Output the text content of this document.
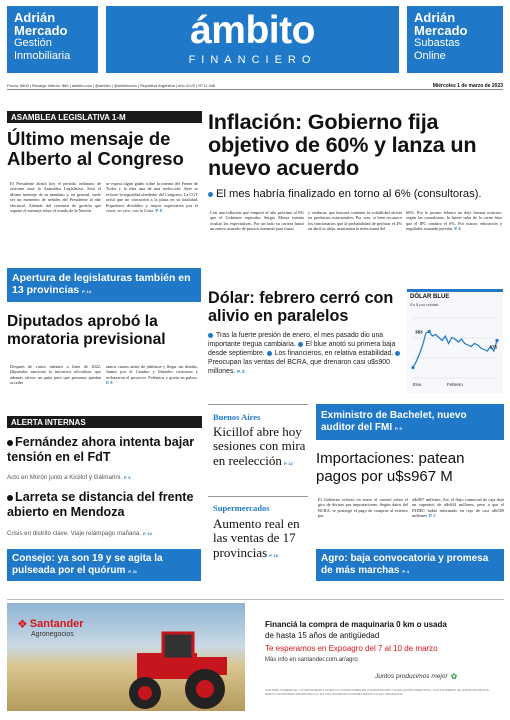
Adrián
Mercado
Gestión
Inmobiliaria
ámbito
FINANCIERO
Adrián
Mercado
Subastas
Online
Precio: $400 | Recargo Interior: $60 | ámbito.com | @ámbito | @ámbitocom | República Argentina | Año XLVII | Nº 11.046	Miércoles 1 de marzo de 2023
ASAMBLEA LEGISLATIVA 1-M
Último mensaje de Alberto al Congreso
El Presidente abrirá hoy el período ordinario de sesiones ante la Asamblea Legislativa. Será el último mensaje de su mandato y, en general, suele ser un momento de señales del Presidente al año electoral. Además del resumen de gestión que supone el mensaje sobre el estado de la Nación
se espera algún guiño sobre la interna del Frente de Todos y la idea una de una reelección. Ayer se reforzó la seguridad alrededor del Congreso. La CGT avisó que no concurrirá a la plaza en su totalidad. Piqueteros divididos y mayor expectativa por el cruce, en vivo, con la Corte. P. 8
Apertura de legislaturas también en 13 provincias P. 14
Diputados aprobó la moratoria previsional
Después de varios intentos a fines de 2022, Diputados sancionó la iniciativa oficialista, que además ofrece un quita para que personas puedan acceder
tantos cuotas antes de jubilarse y llegar sin deudas. Juntos por el Cambio y liberales criticaron y rechazaron el proyecto. Polémica y grieta en pulsos. P. 8
ALERTA INTERNAS
Fernández ahora intenta bajar tensión en el FdT
Acto en Morón junto a Kicillof y Galmarini. P. 9
Larreta se distancia del frente abierto en Mendoza
Crisis en distrito clave. Viaje relámpago mañana. P. 10
Consejo: ya son 19 y se agita la pulseada por el quórum P. 11
Inflación: Gobierno fija objetivo de 60% y lanza un nuevo acuerdo
El mes habría finalizado en torno al 6% (consultoras).
Con una inflación que empezó el año próximo al 6% que el Gobierno esperaba, Sergio Massa intenta ocultar las expectativas. Por un lado su cartera lanzó un nuevo acuerdo de precios mensual para frutas
y verduras, que buscará contener la volatilidad alcista en productos estacionales. Por otro, si bien reconoce los funcionarios que la probabilidad de perforar el 4% en abril se aleja, mantienen la meta anual del
60%. Por lo pronto febrero no dejó buenas noticias: según las consultoras, la fuerte suba de la carne hizo que el IPC rondara el 6%. Por marzo, educación y regulados sumarán presión. P. 6
Dólar: febrero cerró con alivio en paralelos
Tras la fuerte presión de enero, el mes pasado dio una importante tregua cambiaria. El blue anotó su primera baja desde septiembre. Los financieros, en relativa estabilidad. Preocupan las ventas del BCRA, que drenaron casi u$s900 millones. P. 3
DÓLAR BLUE
En $ por unidad
383
375
Ene.	Febrero
Buenos Aires
Kicillof abre hoy sesiones con mira en reelección P. 14
Supermercados
Aumento real en las ventas de 17 provincias P. 15
Exministro de Bachelet, nuevo auditor del FMI P. 5
Importaciones: patean pagos por u$s967 M
El Gobierno reforzó en enero el control sobre el giro de divisas por importaciones. Según datos del BCRA, se postergó el pago de compras al exterior por
u$s967 millones. Así, el flujo comercial de caja dejó un superávit de u$s624 millones, pese a que el INDEC había informado en rojo de casi u$s500 millones. P. 2
Agro: baja convocatoria y promesa de más marchas P. 4
❖ Santander
Agronegocios
Financiá la compra de maquinaria 0 km o usada
de hasta 15 años de antigüedad
Te esperamos en Expoagro del 7 al 10 de marzo
Más info en santander.com.ar/agro
Juntos producimos mejor ✿
CARTERA COMERCIAL: OTORGAMIENTO SUJETO A CONDICIONES DE CONTRATACIÓN Y EVALUACIÓN CREDITICIA. LOS ACUERDOS SE HARÁN EN PESOS. BANCO SANTANDER ARGENTINA S.A. ES UNA SOCIEDAD ANÓNIMA SEGÚN LA LEY ARGENTINA.
